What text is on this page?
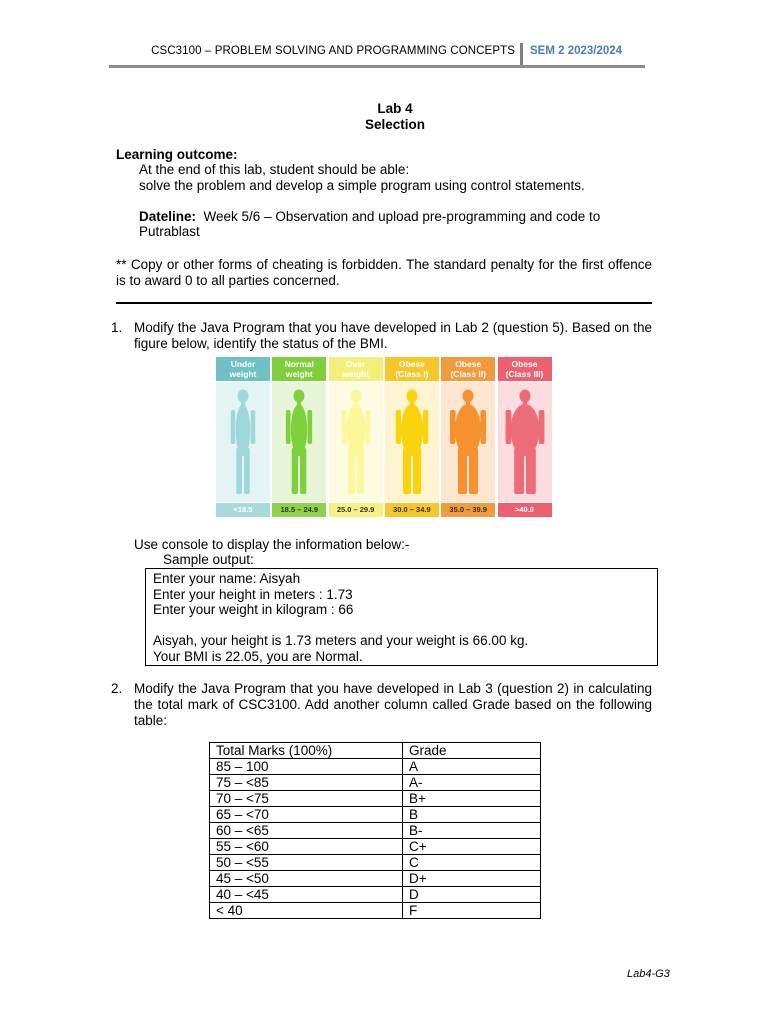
CSC3100 – PROBLEM SOLVING AND PROGRAMMING CONCEPTS SEM 2 2023/2024
Lab 4
Selection
Learning outcome:
At the end of this lab, student should be able:
solve the problem and develop a simple program using control statements.
Dateline: Week 5/6 – Observation and upload pre-programming and code to
Putrablast
** Copy or other forms of cheating is forbidden. The standard penalty for the first offence is to award 0 to all parties concerned.
1. Modify the Java Program that you have developed in Lab 2 (question 5). Based on the figure below, identify the status of the BMI.
Under
weight
<18.5
Normal
weight
18.5 – 24.9
Over
weight
25.0 – 29.9
Obese
(Class I)
30.0 – 34.9
Obese
(Class II)
35.0 – 39.9
Obese
(Class III)
>40.0
Use console to display the information below:-
Sample output:
Enter your name: Aisyah
Enter your height in meters : 1.73
Enter your weight in kilogram : 66
Aisyah, your height is 1.73 meters and your weight is 66.00 kg.
Your BMI is 22.05, you are Normal.
2. Modify the Java Program that you have developed in Lab 3 (question 2) in calculating the total mark of CSC3100. Add another column called Grade based on the following table:
Total Marks (100%)	Grade
85 – 100	A
75 – <85	A-
70 – <75	B+
65 – <70	B
60 – <65	B-
55 – <60	C+
50 – <55	C
45 – <50	D+
40 – <45	D
< 40	F
Lab4-G3
